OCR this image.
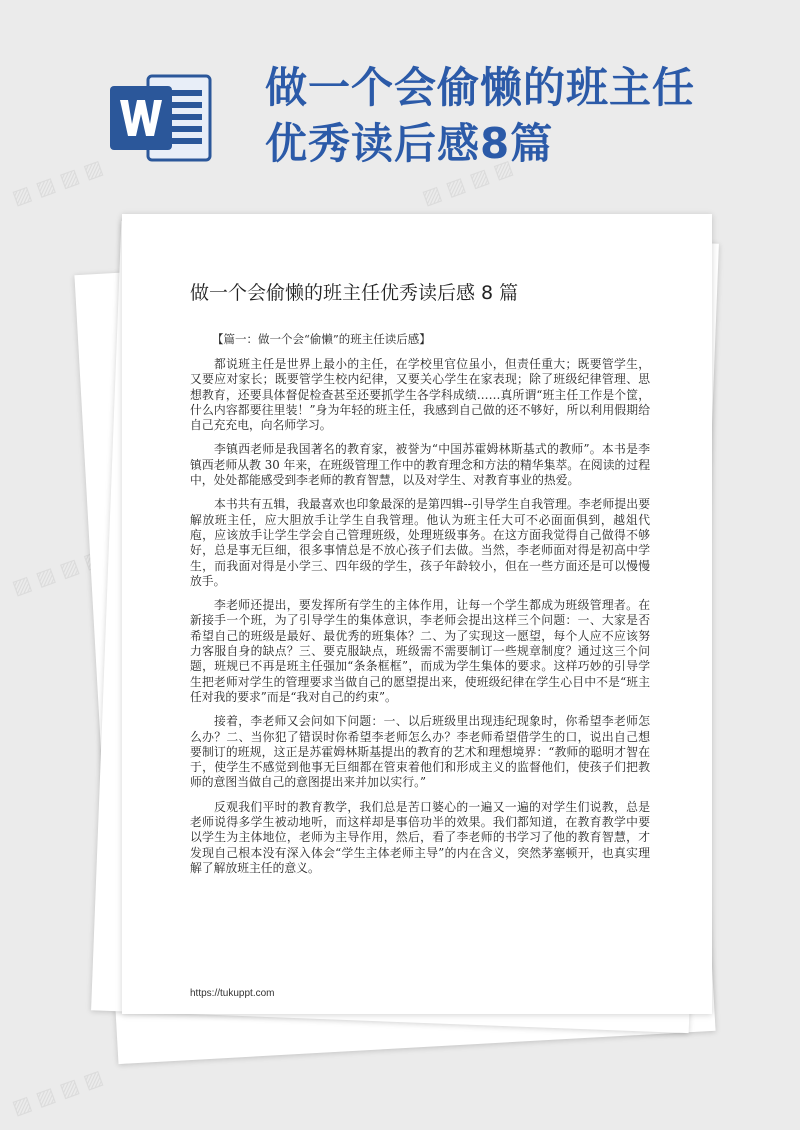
做一个会偷懒的班主任
优秀读后感8篇
▨ ▨ ▨ ▨	▨ ▨ ▨ ▨
▨ ▨ ▨ ▨
▨ ▨ ▨ ▨
做一个会偷懒的班主任优秀读后感 8 篇
【篇一：做一个会“偷懒”的班主任读后感】

都说班主任是世界上最小的主任，在学校里官位虽小，但责任重大；既要管学生，又要应对家长；既要管学生校内纪律，又要关心学生在家表现；除了班级纪律管理、思想教育，还要具体督促检查甚至还要抓学生各学科成绩……真所谓“班主任工作是个筐，什么内容都要往里装！”身为年轻的班主任，我感到自己做的还不够好，所以利用假期给自己充充电，向名师学习。

李镇西老师是我国著名的教育家，被誉为“中国苏霍姆林斯基式的教师”。本书是李镇西老师从教 30 年来，在班级管理工作中的教育理念和方法的精华集萃。在阅读的过程中，处处都能感受到李老师的教育智慧，以及对学生、对教育事业的热爱。

本书共有五辑，我最喜欢也印象最深的是第四辑--引导学生自我管理。李老师提出要解放班主任，应大胆放手让学生自我管理。他认为班主任大可不必面面俱到，越俎代庖，应该放手让学生学会自己管理班级，处理班级事务。在这方面我觉得自己做得不够好，总是事无巨细，很多事情总是不放心孩子们去做。当然，李老师面对得是初高中学生，而我面对得是小学三、四年级的学生，孩子年龄较小，但在一些方面还是可以慢慢放手。

李老师还提出，要发挥所有学生的主体作用，让每一个学生都成为班级管理者。在新接手一个班，为了引导学生的集体意识，李老师会提出这样三个问题：一、大家是否希望自己的班级是最好、最优秀的班集体？二、为了实现这一愿望，每个人应不应该努力客服自身的缺点？三、要克服缺点，班级需不需要制订一些规章制度？通过这三个问题，班规已不再是班主任强加“条条框框”，而成为学生集体的要求。这样巧妙的引导学生把老师对学生的管理要求当做自己的愿望提出来，使班级纪律在学生心目中不是“班主任对我的要求”而是“我对自己的约束”。

接着，李老师又会问如下问题：一、以后班级里出现违纪现象时，你希望李老师怎么办？二、当你犯了错误时你希望李老师怎么办？李老师希望借学生的口，说出自己想要制订的班规，这正是苏霍姆林斯基提出的教育的艺术和理想境界：“教师的聪明才智在于，使学生不感觉到他事无巨细都在管束着他们和形成主义的监督他们，使孩子们把教师的意图当做自己的意图提出来并加以实行。”

反观我们平时的教育教学，我们总是苦口婆心的一遍又一遍的对学生们说教，总是老师说得多学生被动地听，而这样却是事倍功半的效果。我们都知道，在教育教学中要以学生为主体地位，老师为主导作用，然后，看了李老师的书学习了他的教育智慧，才发现自己根本没有深入体会“学生主体老师主导”的内在含义，突然茅塞顿开，也真实理解了解放班主任的意义。

https://tukuppt.com
